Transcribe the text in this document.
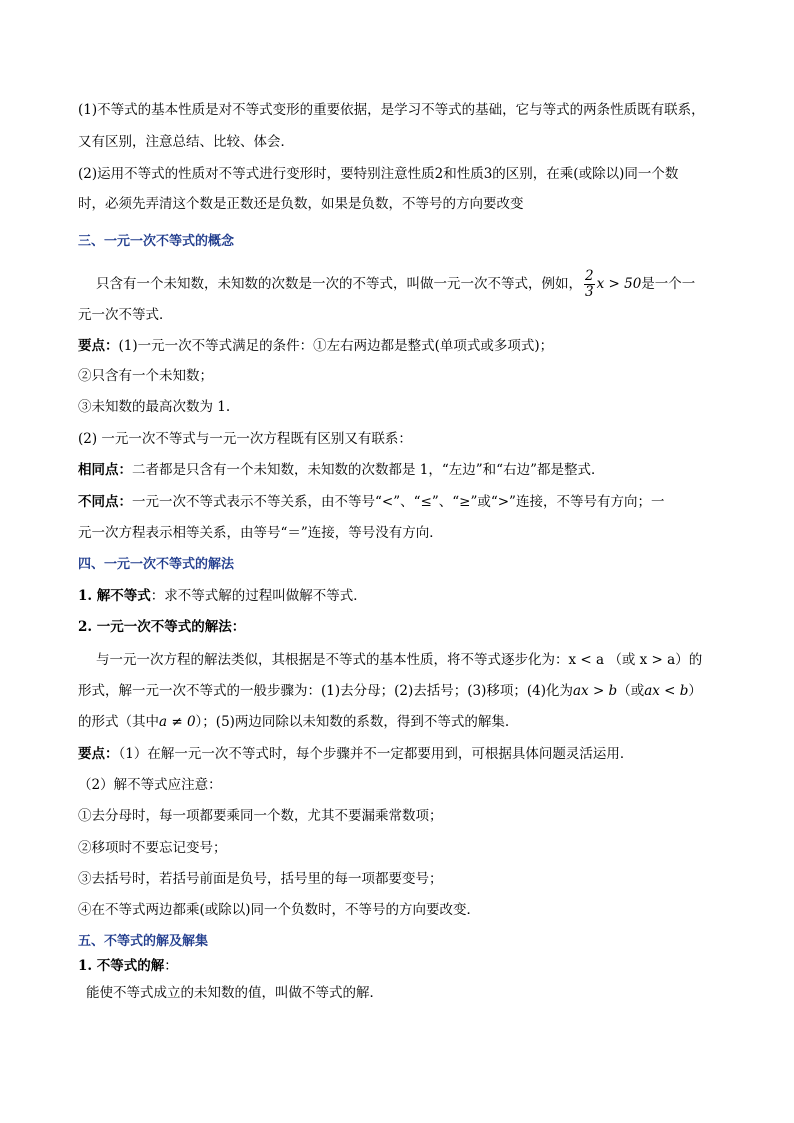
(1)不等式的基本性质是对不等式变形的重要依据，是学习不等式的基础，它与等式的两条性质既有联系，
又有区别，注意总结、比较、体会．
(2)运用不等式的性质对不等式进行变形时，要特别注意性质2和性质3的区别，在乘(或除以)同一个数
时，必须先弄清这个数是正数还是负数，如果是负数，不等号的方向要改变
三、一元一次不等式的概念
只含有一个未知数，未知数的次数是一次的不等式，叫做一元一次不等式，例如， $\frac{2}{3}$ x > 50是一个一
元一次不等式．
要点：(1)一元一次不等式满足的条件：①左右两边都是整式(单项式或多项式)；
②只含有一个未知数；
③未知数的最高次数为 1.
(2) 一元一次不等式与一元一次方程既有区别又有联系：
相同点：二者都是只含有一个未知数，未知数的次数都是 1，“左边”和“右边”都是整式．
不同点：一元一次不等式表示不等关系，由不等号“<”、“≤”、“≥”或“>”连接，不等号有方向；一
元一次方程表示相等关系，由等号“＝”连接，等号没有方向．
四、一元一次不等式的解法
1. 解不等式：求不等式解的过程叫做解不等式．
2. 一元一次不等式的解法：
与一元一次方程的解法类似，其根据是不等式的基本性质，将不等式逐步化为：x < a （或 x > a）的
形式，解一元一次不等式的一般步骤为：(1)去分母；(2)去括号；(3)移项；(4)化为ax > b（或ax < b）
的形式（其中a ≠ 0）；(5)两边同除以未知数的系数，得到不等式的解集.
要点：（1）在解一元一次不等式时，每个步骤并不一定都要用到，可根据具体问题灵活运用．
（2）解不等式应注意：
①去分母时，每一项都要乘同一个数，尤其不要漏乘常数项；
②移项时不要忘记变号；
③去括号时，若括号前面是负号，括号里的每一项都要变号；
④在不等式两边都乘(或除以)同一个负数时，不等号的方向要改变．
五、不等式的解及解集
1. 不等式的解：
能使不等式成立的未知数的值，叫做不等式的解．
